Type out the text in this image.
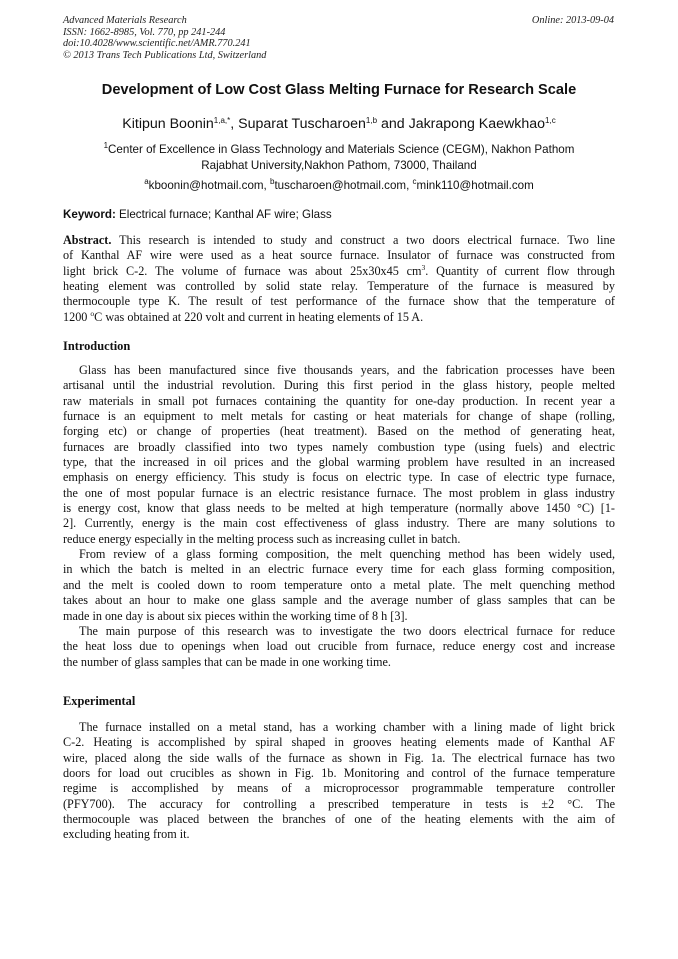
Advanced Materials Research
ISSN: 1662-8985, Vol. 770, pp 241-244
doi:10.4028/www.scientific.net/AMR.770.241
© 2013 Trans Tech Publications Ltd, Switzerland
Online: 2013-09-04
Development of Low Cost Glass Melting Furnace for Research Scale
Kitipun Boonin$^{1,a,*}$, Suparat Tuscharoen$^{1,b}$ and Jakrapong Kaewkhao$^{1,c}$
$^1$Center of Excellence in Glass Technology and Materials Science (CEGM), Nakhon Pathom
Rajabhat University,Nakhon Pathom, 73000, Thailand
$^a$kboonin@hotmail.com, $^b$tuscharoen@hotmail.com, $^c$mink110@hotmail.com
Keyword: Electrical furnace; Kanthal AF wire; Glass
Abstract. This research is intended to study and construct a two doors electrical furnace. Two line
of Kanthal AF wire were used as a heat source furnace. Insulator of furnace was constructed from
light brick C-2. The volume of furnace was about 25x30x45 $cm^3$. Quantity of current flow through
heating element was controlled by solid state relay. Temperature of the furnace is measured by
thermocouple type K. The result of test performance of the furnace show that the temperature of
1200 $^o$C was obtained at 220 volt and current in heating elements of 15 A.
Introduction
Glass has been manufactured since five thousands years, and the fabrication processes have been
artisanal until the industrial revolution. During this first period in the glass history, people melted
raw materials in small pot furnaces containing the quantity for one-day production. In recent year a
furnace is an equipment to melt metals for casting or heat materials for change of shape (rolling,
forging etc) or change of properties (heat treatment). Based on the method of generating heat,
furnaces are broadly classified into two types namely combustion type (using fuels) and electric
type, that the increased in oil prices and the global warming problem have resulted in an increased
emphasis on energy efficiency. This study is focus on electric type. In case of electric type furnace,
the one of most popular furnace is an electric resistance furnace. The most problem in glass industry
is energy cost, know that glass needs to be melted at high temperature (normally above 1450 °C) [1-
2]. Currently, energy is the main cost effectiveness of glass industry. There are many solutions to
reduce energy especially in the melting process such as increasing cullet in batch.
From review of a glass forming composition, the melt quenching method has been widely used,
in which the batch is melted in an electric furnace every time for each glass forming composition,
and the melt is cooled down to room temperature onto a metal plate. The melt quenching method
takes about an hour to make one glass sample and the average number of glass samples that can be
made in one day is about six pieces within the working time of 8 h [3].
The main purpose of this research was to investigate the two doors electrical furnace for reduce
the heat loss due to openings when load out crucible from furnace, reduce energy cost and increase
the number of glass samples that can be made in one working time.
Experimental
The furnace installed on a metal stand, has a working chamber with a lining made of light brick
C-2. Heating is accomplished by spiral shaped in grooves heating elements made of Kanthal AF
wire, placed along the side walls of the furnace as shown in Fig. 1a. The electrical furnace has two
doors for load out crucibles as shown in Fig. 1b. Monitoring and control of the furnace temperature
regime is accomplished by means of a microprocessor programmable temperature controller
(PFY700). The accuracy for controlling a prescribed temperature in tests is ±2 °C. The
thermocouple was placed between the branches of one of the heating elements with the aim of
excluding heating from it.
